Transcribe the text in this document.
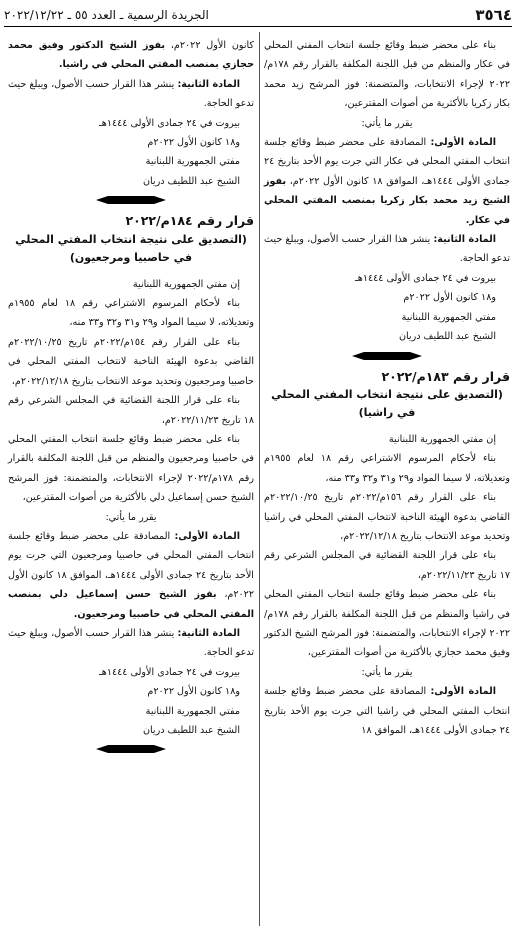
٣٥٦٤
الجريدة الرسمية ـ العدد ٥٥ ـ ٢٠٢٢/١٢/٢٢

بناء على محضر ضبط وقائع جلسة انتخاب المفتي المحلي في عكار والمنظم من قبل اللجنة المكلفة بالقرار رقم ١٧٨م/٢٠٢٢ لإجراء الانتخابات، والمتضمنة: فوز المرشح زيد محمد بكار زكريا بالأكثرية من أصوات المقترعين،

يقرر ما يأتي:

المادة الأولى: المصادقة على محضر ضبط وقائع جلسة انتخاب المفتي المحلي في عكار التي جرت يوم الأحد بتاريخ ٢٤ جمادى الأولى ١٤٤٤هـ، الموافق ١٨ كانون الأول ٢٠٢٢م، بفوز الشيخ زيد محمد بكار زكريا بمنصب المفتي المحلي في عكار.

المادة الثانية: ينشر هذا القرار حسب الأصول، ويبلغ حيث تدعو الحاجة.

بيروت في ٢٤ جمادى الأولى ١٤٤٤هـ

و١٨ كانون الأول ٢٠٢٢م

مفتي الجمهورية اللبنانية

الشيخ عبد اللطيف دريان

قرار رقم ١٨٣م/٢٠٢٢

(التصديق على نتيجة انتخاب المفتي المحلي في راشيا)

إن مفتي الجمهورية اللبنانية

بناء لأحكام المرسوم الاشتراعي رقم ١٨ لعام ١٩٥٥م وتعديلاته، لا سيما المواد و٢٩ و٣١ و٣٢ و٣٣ منه،

بناء على القرار رقم ١٥٦م/٢٠٢٢م تاريخ ٢٠٢٢/١٠/٢٥م القاضي بدعوة الهيئة الناخبة لانتخاب المفتي المحلي في راشيا وتحديد موعد الانتخاب بتاريخ ٢٠٢٢/١٢/١٨م،

بناء على قرار اللجنة القضائية في المجلس الشرعي رقم ١٧ تاريخ ٢٠٢٢/١١/٢٣م،

بناء على محضر ضبط وقائع جلسة انتخاب المفتي المحلي في راشيا والمنظم من قبل اللجنة المكلفة بالقرار رقم ١٧٨م/٢٠٢٢ لإجراء الانتخابات، والمتضمنة: فوز المرشح الشيخ الدكتور وفيق محمد حجازي بالأكثرية من أصوات المقترعين،

يقرر ما يأتي:

المادة الأولى: المصادقة على محضر ضبط وقائع جلسة انتخاب المفتي المحلي في راشيا التي جرت يوم الأحد بتاريخ ٢٤ جمادى الأولى ١٤٤٤هـ، الموافق ١٨

كانون الأول ٢٠٢٢م، بفوز الشيخ الدكتور وفيق محمد حجازي بمنصب المفتي المحلي في راشيا.

المادة الثانية: ينشر هذا القرار حسب الأصول، ويبلغ حيث تدعو الحاجة.

بيروت في ٢٤ جمادى الأولى ١٤٤٤هـ

و١٨ كانون الأول ٢٠٢٢م

مفتي الجمهورية اللبنانية

الشيخ عبد اللطيف دريان

قرار رقم ١٨٤م/٢٠٢٢

(التصديق على نتيجة انتخاب المفتي المحلي في حاصبيا ومرجعيون)

إن مفتي الجمهورية اللبنانية

بناء لأحكام المرسوم الاشتراعي رقم ١٨ لعام ١٩٥٥م وتعديلاته، لا سيما المواد و٢٩ و٣١ و٣٢ و٣٣ منه،

بناء على القرار رقم ١٥٤م/٢٠٢٢م تاريخ ٢٠٢٢/١٠/٢٥م القاضي بدعوة الهيئة الناخبة لانتخاب المفتي المحلي في حاصبيا ومرجعيون وتحديد موعد الانتخاب بتاريخ ٢٠٢٢/١٢/١٨م،

بناء على قرار اللجنة القضائية في المجلس الشرعي رقم ١٨ تاريخ ٢٠٢٢/١١/٢٣م،

بناء على محضر ضبط وقائع جلسة انتخاب المفتي المحلي في حاصبيا ومرجعيون والمنظم من قبل اللجنة المكلفة بالقرار رقم ١٧٨م/٢٠٢٢ لإجراء الانتخابات، والمتضمنة: فوز المرشح الشيخ حسن إسماعيل دلي بالأكثرية من أصوات المقترعين،

يقرر ما يأتي:

المادة الأولى: المصادقة على محضر ضبط وقائع جلسة انتخاب المفتي المحلي في حاصبيا ومرجعيون التي جرت يوم الأحد بتاريخ ٢٤ جمادى الأولى ١٤٤٤هـ، الموافق ١٨ كانون الأول ٢٠٢٢م، بفوز الشيخ حسن إسماعيل دلي بمنصب المفتي المحلي في حاصبيا ومرجعيون.

المادة الثانية: ينشر هذا القرار حسب الأصول، ويبلغ حيث تدعو الحاجة.

بيروت في ٢٤ جمادى الأولى ١٤٤٤هـ

و١٨ كانون الأول ٢٠٢٢م

مفتي الجمهورية اللبنانية

الشيخ عبد اللطيف دريان
